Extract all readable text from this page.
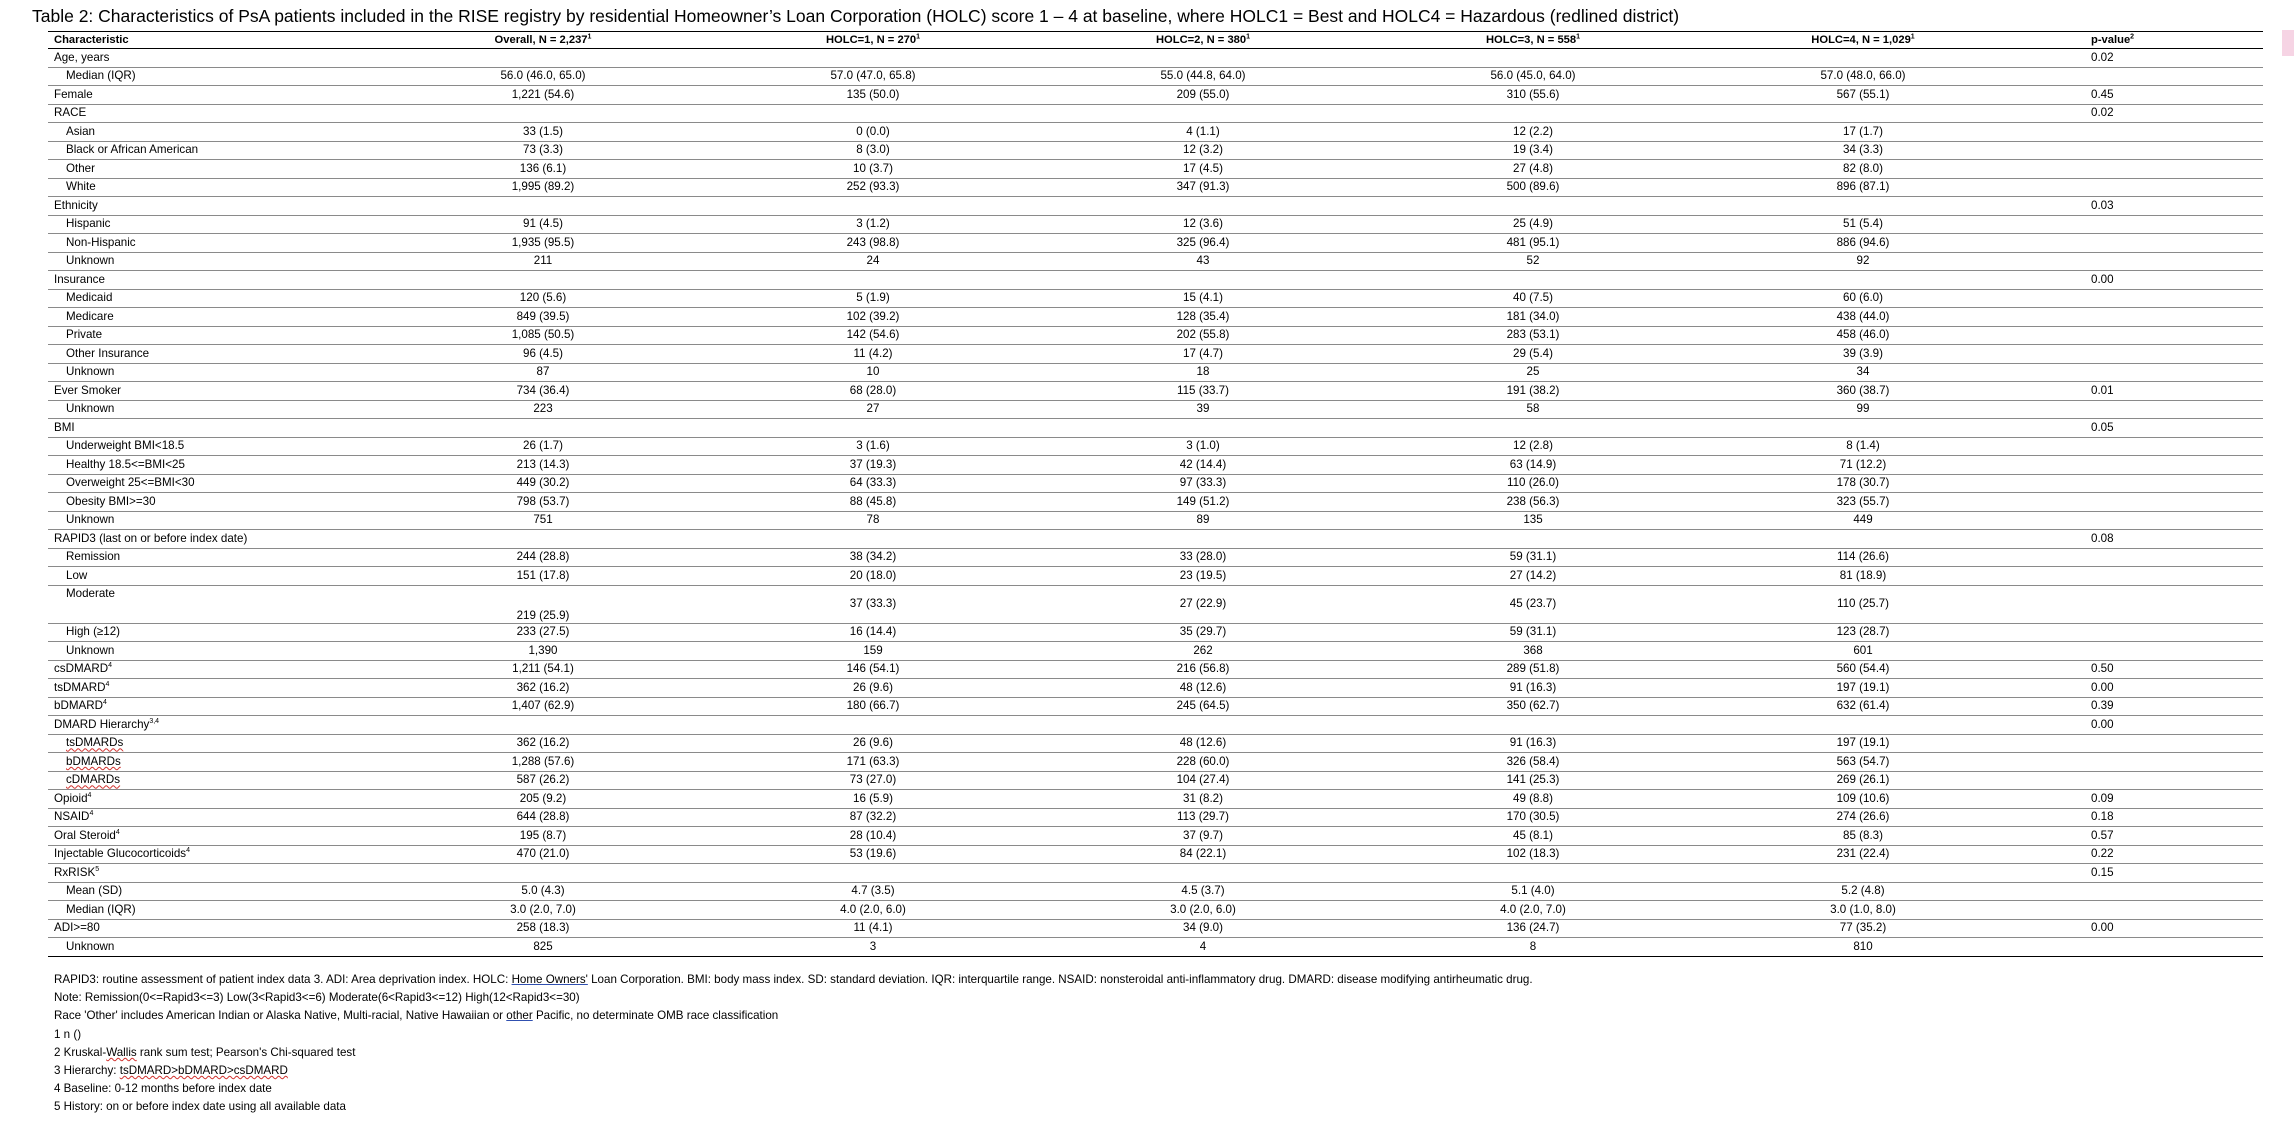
Table 2: Characteristics of PsA patients included in the RISE registry by residential Homeowner’s Loan Corporation (HOLC) score 1 – 4 at baseline, where HOLC1 = Best and HOLC4 = Hazardous (redlined district)
Characteristic	Overall, $N = 2,237^1$	HOLC=1, $N = 270^1$	HOLC=2, $N = 380^1$	HOLC=3, $N = 558^1$	HOLC=4, $N = 1,029^1$	p-value$^2$
Age, years						0.02
Median (IQR)	56.0 (46.0, 65.0)	57.0 (47.0, 65.8)	55.0 (44.8, 64.0)	56.0 (45.0, 64.0)	57.0 (48.0, 66.0)	
Female	1,221 (54.6)	135 (50.0)	209 (55.0)	310 (55.6)	567 (55.1)	0.45
RACE						0.02
Asian	33 (1.5)	0 (0.0)	4 (1.1)	12 (2.2)	17 (1.7)	
Black or African American	73 (3.3)	8 (3.0)	12 (3.2)	19 (3.4)	34 (3.3)	
Other	136 (6.1)	10 (3.7)	17 (4.5)	27 (4.8)	82 (8.0)	
White	1,995 (89.2)	252 (93.3)	347 (91.3)	500 (89.6)	896 (87.1)	
Ethnicity						0.03
Hispanic	91 (4.5)	3 (1.2)	12 (3.6)	25 (4.9)	51 (5.4)	
Non-Hispanic	1,935 (95.5)	243 (98.8)	325 (96.4)	481 (95.1)	886 (94.6)	
Unknown	211	24	43	52	92	
Insurance						0.00
Medicaid	120 (5.6)	5 (1.9)	15 (4.1)	40 (7.5)	60 (6.0)	
Medicare	849 (39.5)	102 (39.2)	128 (35.4)	181 (34.0)	438 (44.0)	
Private	1,085 (50.5)	142 (54.6)	202 (55.8)	283 (53.1)	458 (46.0)	
Other Insurance	96 (4.5)	11 (4.2)	17 (4.7)	29 (5.4)	39 (3.9)	
Unknown	87	10	18	25	34	
Ever Smoker	734 (36.4)	68 (28.0)	115 (33.7)	191 (38.2)	360 (38.7)	0.01
Unknown	223	27	39	58	99	
BMI						0.05
Underweight BMI<18.5	26 (1.7)	3 (1.6)	3 (1.0)	12 (2.8)	8 (1.4)	
Healthy 18.5<=BMI<25	213 (14.3)	37 (19.3)	42 (14.4)	63 (14.9)	71 (12.2)	
Overweight 25<=BMI<30	449 (30.2)	64 (33.3)	97 (33.3)	110 (26.0)	178 (30.7)	
Obesity BMI>=30	798 (53.7)	88 (45.8)	149 (51.2)	238 (56.3)	323 (55.7)	
Unknown	751	78	89	135	449	
RAPID3 (last on or before index date)						0.08
Remission	244 (28.8)	38 (34.2)	33 (28.0)	59 (31.1)	114 (26.6)	
Low	151 (17.8)	20 (18.0)	23 (19.5)	27 (14.2)	81 (18.9)	
Moderate	219 (25.9)	37 (33.3)	27 (22.9)	45 (23.7)	110 (25.7)	
High (≥12)	233 (27.5)	16 (14.4)	35 (29.7)	59 (31.1)	123 (28.7)	
Unknown	1,390	159	262	368	601	
csDMARD$^4$	1,211 (54.1)	146 (54.1)	216 (56.8)	289 (51.8)	560 (54.4)	0.50
tsDMARD$^4$	362 (16.2)	26 (9.6)	48 (12.6)	91 (16.3)	197 (19.1)	0.00
bDMARD$^4$	1,407 (62.9)	180 (66.7)	245 (64.5)	350 (62.7)	632 (61.4)	0.39
DMARD Hierarchy$^{3,4}$						0.00
tsDMARDs	362 (16.2)	26 (9.6)	48 (12.6)	91 (16.3)	197 (19.1)	
bDMARDs	1,288 (57.6)	171 (63.3)	228 (60.0)	326 (58.4)	563 (54.7)	
cDMARDs	587 (26.2)	73 (27.0)	104 (27.4)	141 (25.3)	269 (26.1)	
Opioid$^4$	205 (9.2)	16 (5.9)	31 (8.2)	49 (8.8)	109 (10.6)	0.09
NSAID$^4$	644 (28.8)	87 (32.2)	113 (29.7)	170 (30.5)	274 (26.6)	0.18
Oral Steroid$^4$	195 (8.7)	28 (10.4)	37 (9.7)	45 (8.1)	85 (8.3)	0.57
Injectable Glucocorticoids$^4$	470 (21.0)	53 (19.6)	84 (22.1)	102 (18.3)	231 (22.4)	0.22
RxRISK$^5$						0.15
Mean (SD)	5.0 (4.3)	4.7 (3.5)	4.5 (3.7)	5.1 (4.0)	5.2 (4.8)	
Median (IQR)	3.0 (2.0, 7.0)	4.0 (2.0, 6.0)	3.0 (2.0, 6.0)	4.0 (2.0, 7.0)	3.0 (1.0, 8.0)	
ADI>=80	258 (18.3)	11 (4.1)	34 (9.0)	136 (24.7)	77 (35.2)	0.00
Unknown	825	3	4	8	810	
RAPID3: routine assessment of patient index data 3. ADI: Area deprivation index. HOLC: Home Owners' Loan Corporation. BMI: body mass index. SD: standard deviation. IQR: interquartile range. NSAID: nonsteroidal anti-inflammatory drug. DMARD: disease modifying antirheumatic drug.
Note: Remission(0<=Rapid3<=3) Low(3<Rapid3<=6) Moderate(6<Rapid3<=12) High(12<Rapid3<=30)
Race 'Other' includes American Indian or Alaska Native, Multi-racial, Native Hawaiian or other Pacific, no determinate OMB race classification
1 n ()
2 Kruskal-Wallis rank sum test; Pearson's Chi-squared test
3 Hierarchy: tsDMARD>bDMARD>csDMARD
4 Baseline: 0-12 months before index date
5 History: on or before index date using all available data
